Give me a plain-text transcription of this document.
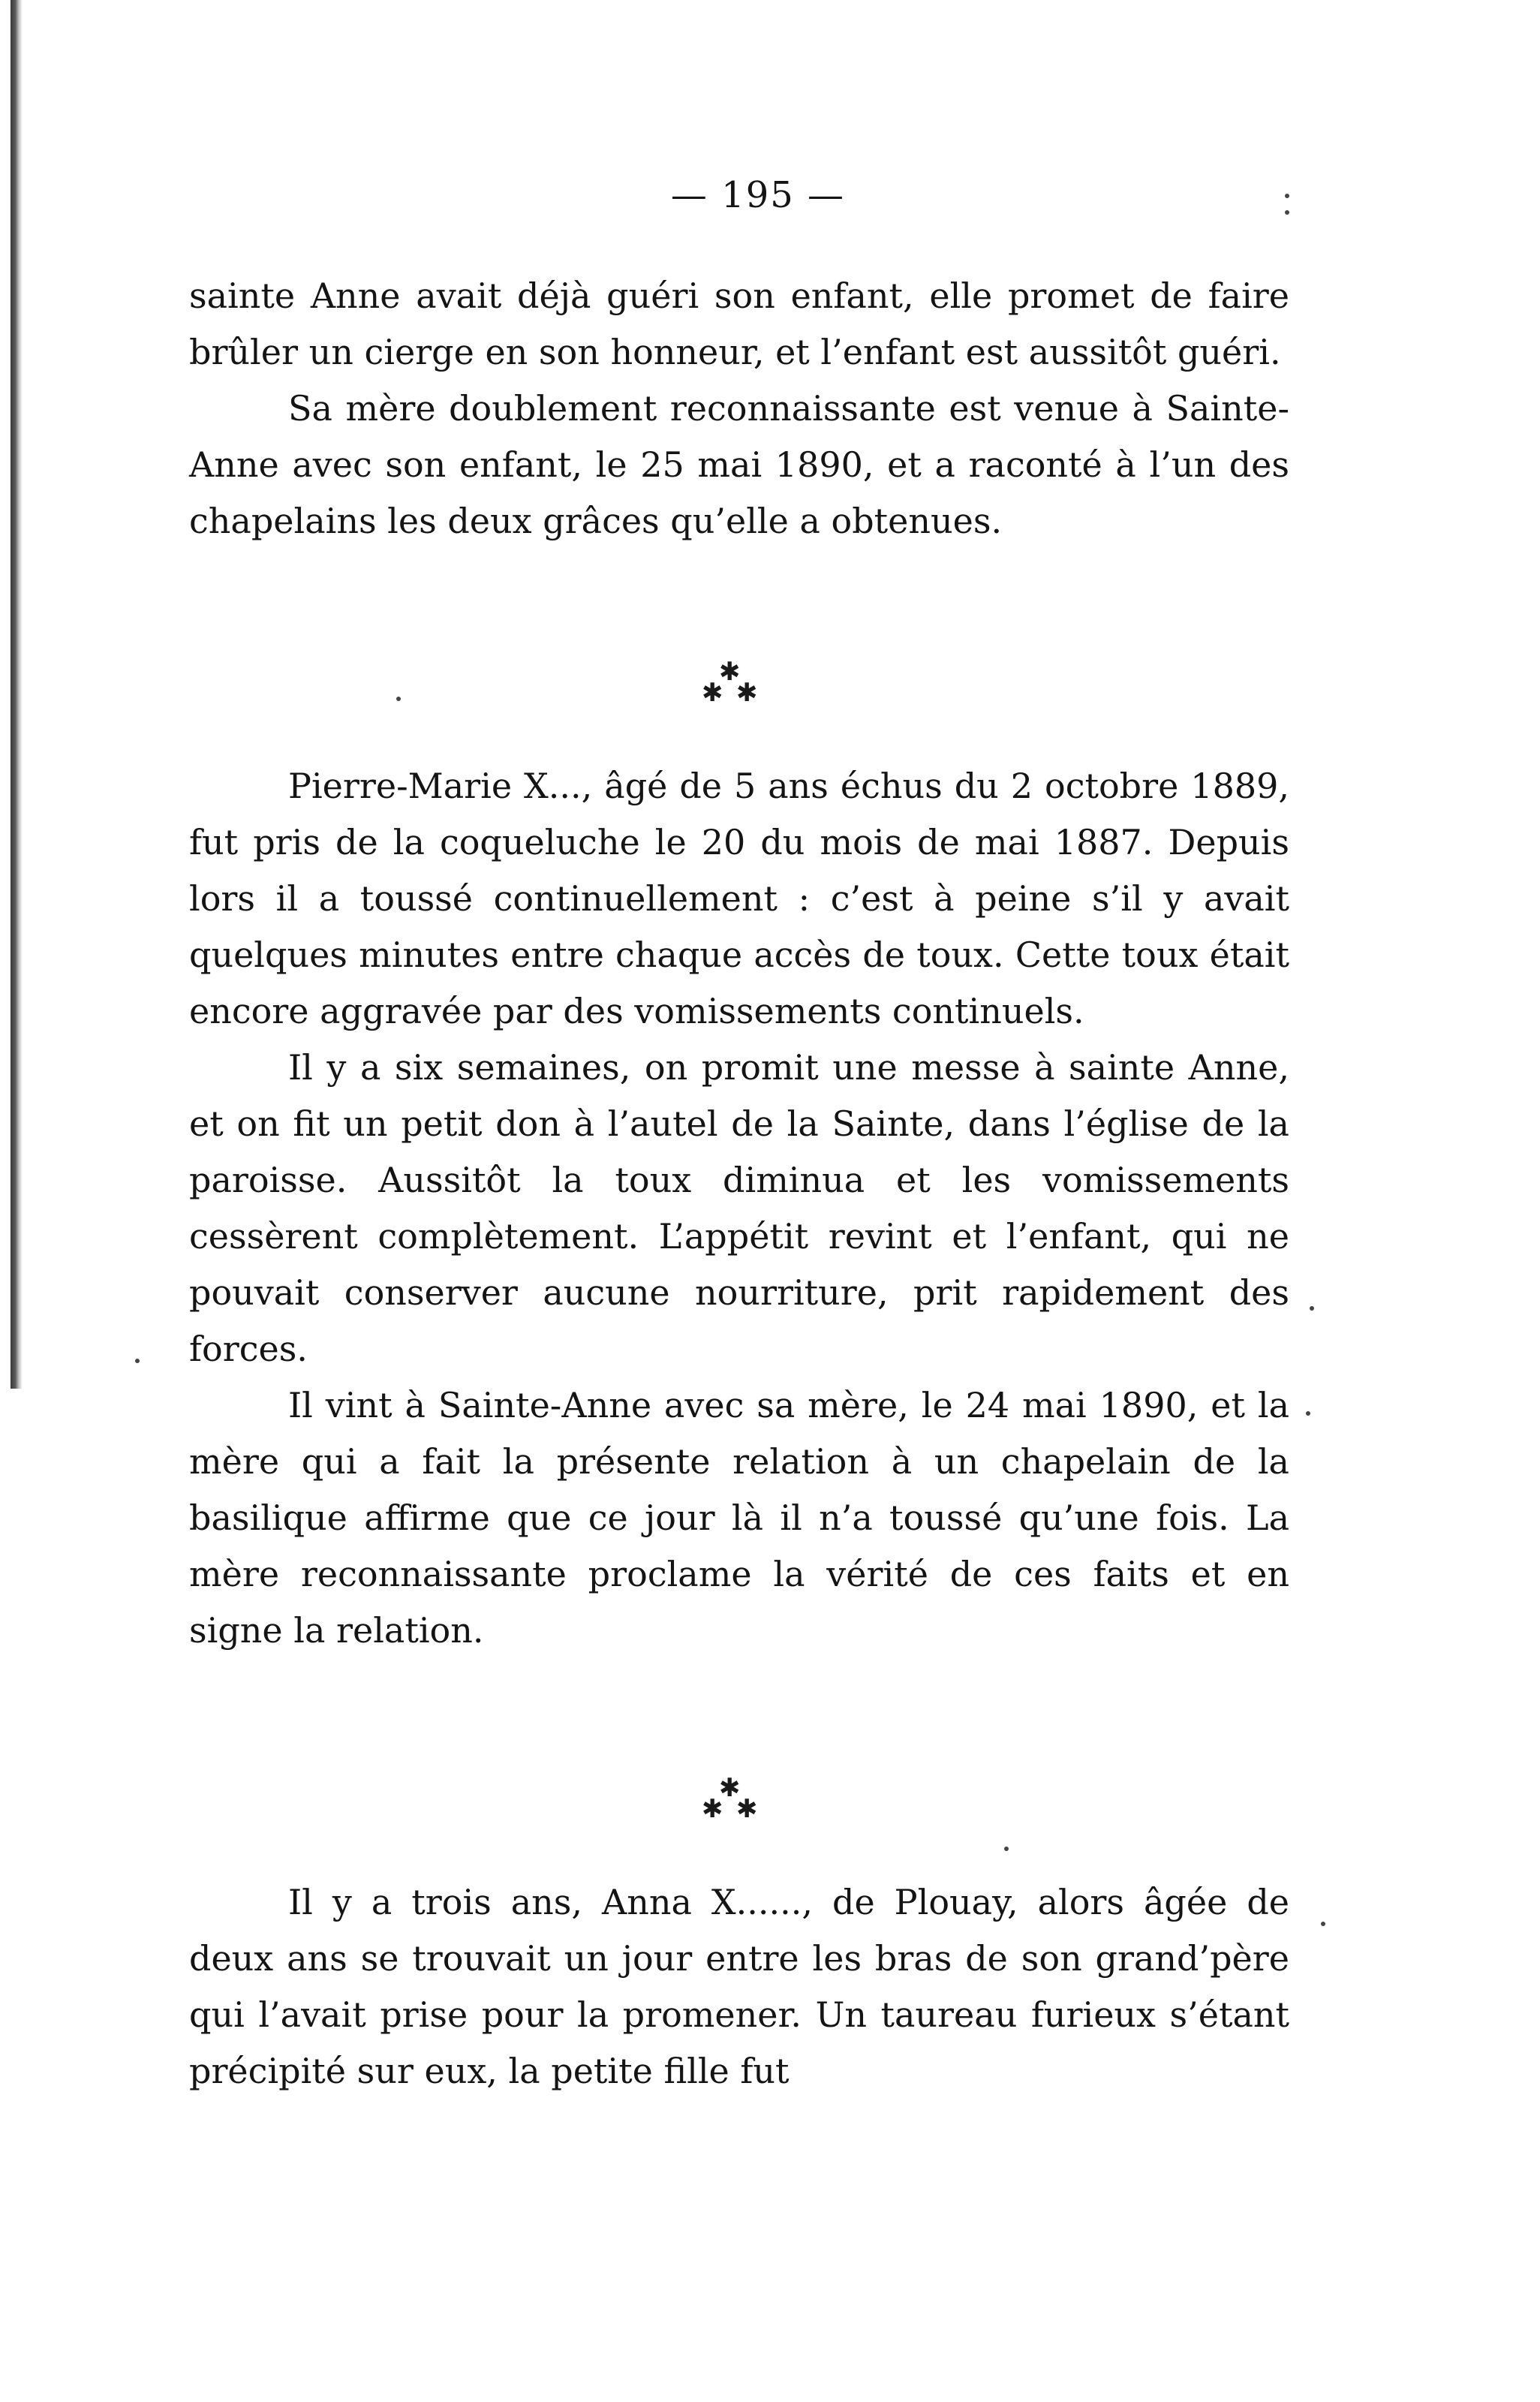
— 195 —

sainte Anne avait déjà guéri son enfant, elle promet de faire brûler un cierge en son honneur, et l’enfant est aussitôt guéri.

Sa mère doublement reconnaissante est venue à Sainte-Anne avec son enfant, le 25 mai 1890, et a raconté à l’un des chapelains les deux grâces qu’elle a obtenues.

✱
✱ ✱

Pierre-Marie X..., âgé de 5 ans échus du 2 octobre 1889, fut pris de la coqueluche le 20 du mois de mai 1887. Depuis lors il a toussé continuellement : c’est à peine s’il y avait quelques minutes entre chaque accès de toux. Cette toux était encore aggravée par des vomissements continuels.

Il y a six semaines, on promit une messe à sainte Anne, et on fit un petit don à l’autel de la Sainte, dans l’église de la paroisse. Aussitôt la toux diminua et les vomissements cessèrent complètement. L’appétit revint et l’enfant, qui ne pouvait conserver aucune nourriture, prit rapidement des forces.

Il vint à Sainte-Anne avec sa mère, le 24 mai 1890, et la mère qui a fait la présente relation à un chapelain de la basilique affirme que ce jour là il n’a toussé qu’une fois. La mère reconnaissante proclame la vérité de ces faits et en signe la relation.

✱
✱ ✱

Il y a trois ans, Anna X......, de Plouay, alors âgée de deux ans se trouvait un jour entre les bras de son grand’père qui l’avait prise pour la promener. Un taureau furieux s’étant précipité sur eux, la petite fille fut
